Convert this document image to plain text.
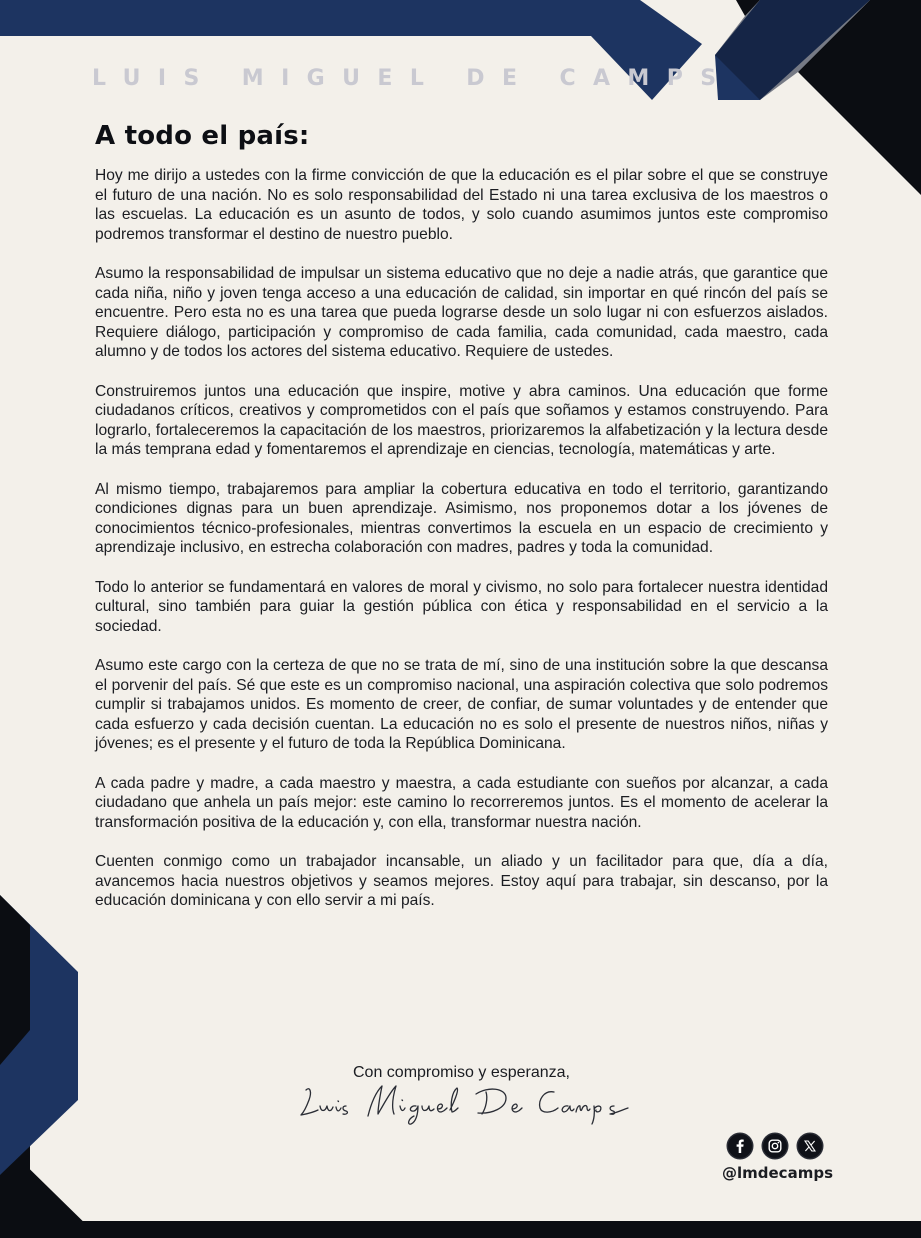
LUIS MIGUEL DE CAMPS
A todo el país:

Hoy me dirijo a ustedes con la firme convicción de que la educación es el pilar sobre el que se construye el futuro de una nación. No es solo responsabilidad del Estado ni una tarea exclusiva de los maestros o las escuelas. La educación es un asunto de todos, y solo cuando asumimos juntos este compromiso podremos transformar el destino de nuestro pueblo.

Asumo la responsabilidad de impulsar un sistema educativo que no deje a nadie atrás, que garantice que cada niña, niño y joven tenga acceso a una educación de calidad, sin importar en qué rincón del país se encuentre. Pero esta no es una tarea que pueda lograrse desde un solo lugar ni con esfuerzos aislados. Requiere diálogo, participación y compromiso de cada familia, cada comunidad, cada maestro, cada alumno y de todos los actores del sistema educativo. Requiere de ustedes.

Construiremos juntos una educación que inspire, motive y abra caminos. Una educación que forme ciudadanos críticos, creativos y comprometidos con el país que soñamos y estamos construyendo. Para lograrlo, fortaleceremos la capacitación de los maestros, priorizaremos la alfabetización y la lectura desde la más temprana edad y fomentaremos el aprendizaje en ciencias, tecnología, matemáticas y arte.

Al mismo tiempo, trabajaremos para ampliar la cobertura educativa en todo el territorio, garantizando condiciones dignas para un buen aprendizaje. Asimismo, nos proponemos dotar a los jóvenes de conocimientos técnico-profesionales, mientras convertimos la escuela en un espacio de crecimiento y aprendizaje inclusivo, en estrecha colaboración con madres, padres y toda la comunidad.

Todo lo anterior se fundamentará en valores de moral y civismo, no solo para fortalecer nuestra identidad cultural, sino también para guiar la gestión pública con ética y responsabilidad en el servicio a la sociedad.

Asumo este cargo con la certeza de que no se trata de mí, sino de una institución sobre la que descansa el porvenir del país. Sé que este es un compromiso nacional, una aspiración colectiva que solo podremos cumplir si trabajamos unidos. Es momento de creer, de confiar, de sumar voluntades y de entender que cada esfuerzo y cada decisión cuentan. La educación no es solo el presente de nuestros niños, niñas y jóvenes; es el presente y el futuro de toda la República Dominicana.

A cada padre y madre, a cada maestro y maestra, a cada estudiante con sueños por alcanzar, a cada ciudadano que anhela un país mejor: este camino lo recorreremos juntos. Es el momento de acelerar la transformación positiva de la educación y, con ella, transformar nuestra nación.

Cuenten conmigo como un trabajador incansable, un aliado y un facilitador para que, día a día, avancemos hacia nuestros objetivos y seamos mejores. Estoy aquí para trabajar, sin descanso, por la educación dominicana y con ello servir a mi país.

Con compromiso y esperanza,

@lmdecamps
